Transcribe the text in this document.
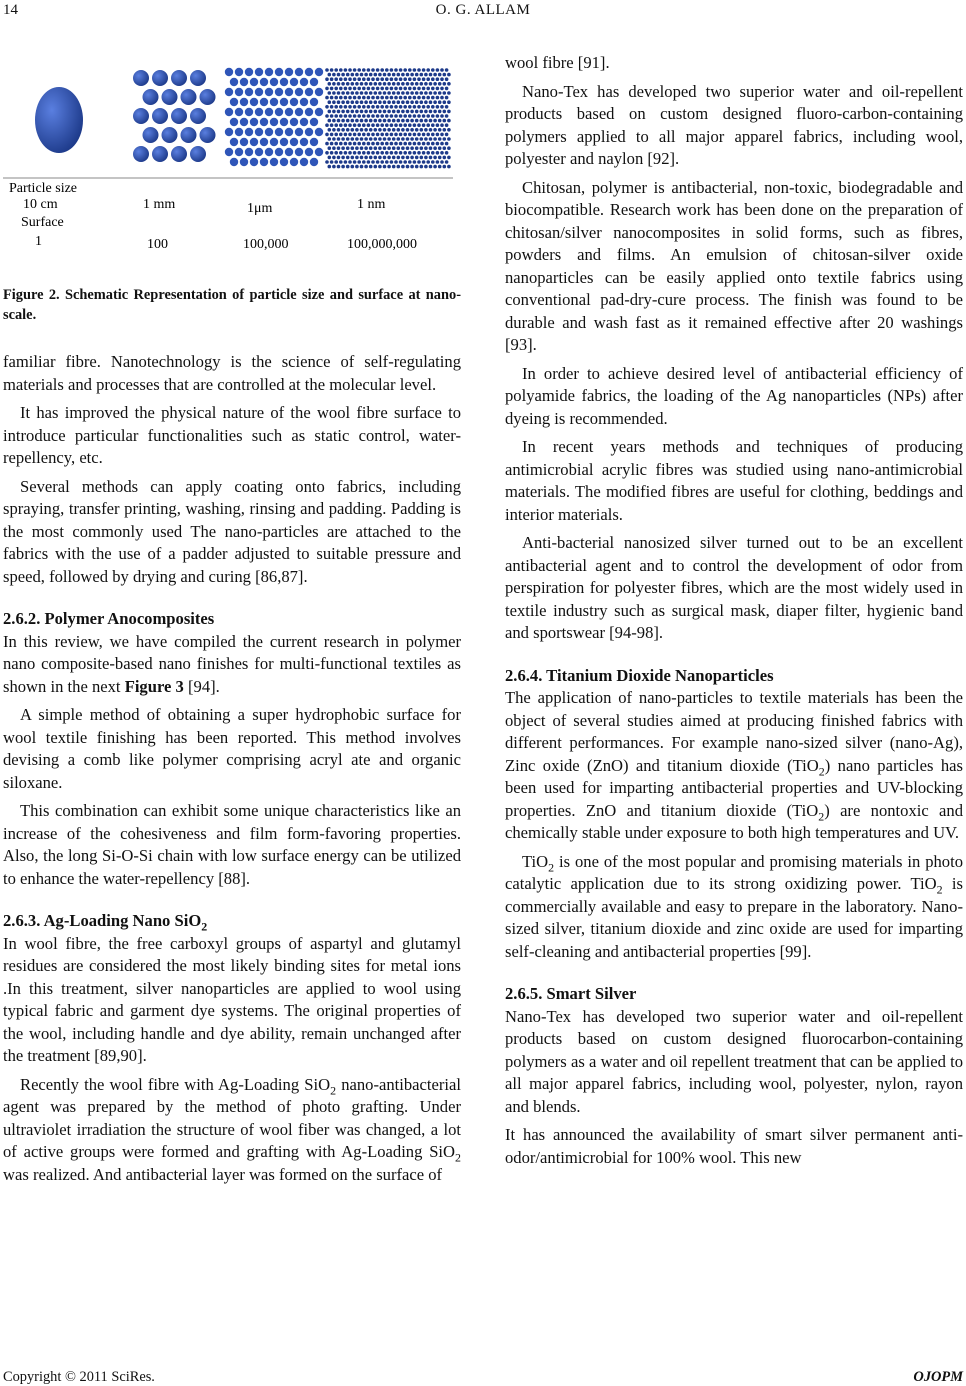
14	O. G. ALLAM
Particle size
10 cm	1 mm	1μm	1 nm
Surface
1	100	100,000	100,000,000
Figure 2. Schematic Representation of particle size and surface at nano-scale.

familiar fibre. Nanotechnology is the science of self-regulating materials and processes that are controlled at the molecular level.

It has improved the physical nature of the wool fibre surface to introduce particular functionalities such as static control, water-repellency, etc.

Several methods can apply coating onto fabrics, including spraying, transfer printing, washing, rinsing and padding. Padding is the most commonly used The nano-particles are attached to the fabrics with the use of a padder adjusted to suitable pressure and speed, followed by drying and curing [86,87].

2.6.2. Polymer Anocomposites

In this review, we have compiled the current research in polymer nano composite-based nano finishes for multi-functional textiles as shown in the next Figure 3 [94].

A simple method of obtaining a super hydrophobic surface for wool textile finishing has been reported. This method involves devising a comb like polymer comprising acryl ate and organic siloxane.

This combination can exhibit some unique characteristics like an increase of the cohesiveness and film form-favoring properties. Also, the long Si-O-Si chain with low surface energy can be utilized to enhance the water-repellency [88].

2.6.3. Ag-Loading Nano SiO$_2$

In wool fibre, the free carboxyl groups of aspartyl and glutamyl residues are considered the most likely binding sites for metal ions .In this treatment, silver nanoparticles are applied to wool using typical fabric and garment dye systems. The original properties of the wool, including handle and dye ability, remain unchanged after the treatment [89,90].

Recently the wool fibre with Ag-Loading SiO$_2$ nano-antibacterial agent was prepared by the method of photo grafting. Under ultraviolet irradiation the structure of wool fiber was changed, a lot of active groups were formed and grafting with Ag-Loading SiO$_2$ was realized. And antibacterial layer was formed on the surface of

wool fibre [91].

Nano-Tex has developed two superior water and oil-repellent products based on custom designed fluoro-carbon-containing polymers applied to all major apparel fabrics, including wool, polyester and naylon [92].

Chitosan, polymer is antibacterial, non-toxic, biodegradable and biocompatible. Research work has been done on the preparation of chitosan/silver nanocomposites in solid forms, such as fibres, powders and films. An emulsion of chitosan-silver oxide nanoparticles can be easily applied onto textile fabrics using conventional pad-dry-cure process. The finish was found to be durable and wash fast as it remained effective after 20 washings [93].

In order to achieve desired level of antibacterial efficiency of polyamide fabrics, the loading of the Ag nanoparticles (NPs) after dyeing is recommended.

In recent years methods and techniques of producing antimicrobial acrylic fibres was studied using nano-antimicrobial materials. The modified fibres are useful for clothing, beddings and interior materials.

Anti-bacterial nanosized silver turned out to be an excellent antibacterial agent and to control the development of odor from perspiration for polyester fibres, which are the most widely used in textile industry such as surgical mask, diaper filter, hygienic band and sportswear [94-98].

2.6.4. Titanium Dioxide Nanoparticles

The application of nano-particles to textile materials has been the object of several studies aimed at producing finished fabrics with different performances. For example nano-sized silver (nano-Ag), Zinc oxide (ZnO) and titanium dioxide (TiO$_2$) nano particles has been used for imparting antibacterial properties and UV-blocking properties. ZnO and titanium dioxide (TiO$_2$) are nontoxic and chemically stable under exposure to both high temperatures and UV.

TiO$_2$ is one of the most popular and promising materials in photo catalytic application due to its strong oxidizing power. TiO$_2$ is commercially available and easy to prepare in the laboratory. Nano-sized silver, titanium dioxide and zinc oxide are used for imparting self-cleaning and antibacterial properties [99].

2.6.5. Smart Silver

Nano-Tex has developed two superior water and oil-repellent products based on custom designed fluorocarbon-containing polymers as a water and oil repellent treatment that can be applied to all major apparel fabrics, including wool, polyester, nylon, rayon and blends.

It has announced the availability of smart silver permanent anti-odor/antimicrobial for 100% wool. This new

Copyright © 2011 SciRes.	OJOPM
